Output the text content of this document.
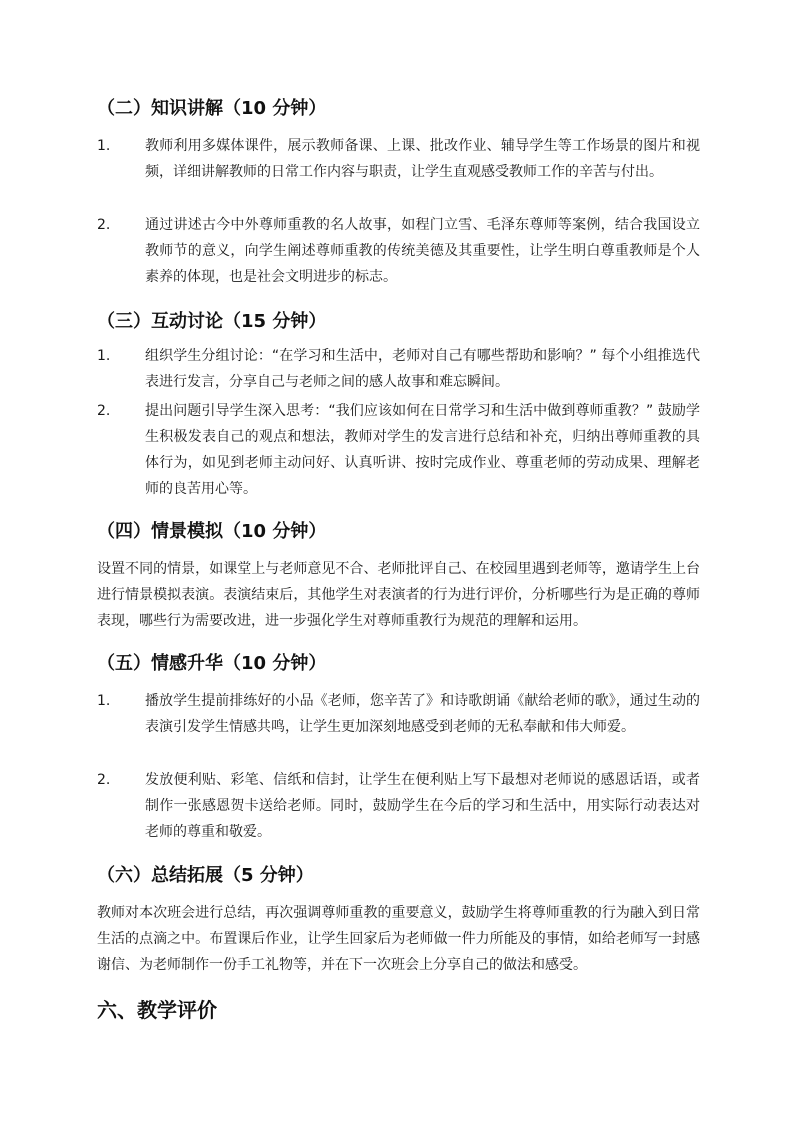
（二）知识讲解（10 分钟）
1.	教师利用多媒体课件，展示教师备课、上课、批改作业、辅导学生等工作场景的图片和视频，详细讲解教师的日常工作内容与职责，让学生直观感受教师工作的辛苦与付出。
2.	通过讲述古今中外尊师重教的名人故事，如程门立雪、毛泽东尊师等案例，结合我国设立教师节的意义，向学生阐述尊师重教的传统美德及其重要性，让学生明白尊重教师是个人素养的体现，也是社会文明进步的标志。
（三）互动讨论（15 分钟）
1.	组织学生分组讨论：“在学习和生活中，老师对自己有哪些帮助和影响？” 每个小组推选代表进行发言，分享自己与老师之间的感人故事和难忘瞬间。
2.	提出问题引导学生深入思考：“我们应该如何在日常学习和生活中做到尊师重教？” 鼓励学生积极发表自己的观点和想法，教师对学生的发言进行总结和补充，归纳出尊师重教的具体行为，如见到老师主动问好、认真听讲、按时完成作业、尊重老师的劳动成果、理解老师的良苦用心等。
（四）情景模拟（10 分钟）
设置不同的情景，如课堂上与老师意见不合、老师批评自己、在校园里遇到老师等，邀请学生上台进行情景模拟表演。表演结束后，其他学生对表演者的行为进行评价，分析哪些行为是正确的尊师表现，哪些行为需要改进，进一步强化学生对尊师重教行为规范的理解和运用。
（五）情感升华（10 分钟）
1.	播放学生提前排练好的小品《老师，您辛苦了》和诗歌朗诵《献给老师的歌》，通过生动的表演引发学生情感共鸣，让学生更加深刻地感受到老师的无私奉献和伟大师爱。
2.	发放便利贴、彩笔、信纸和信封，让学生在便利贴上写下最想对老师说的感恩话语，或者制作一张感恩贺卡送给老师。同时，鼓励学生在今后的学习和生活中，用实际行动表达对老师的尊重和敬爱。
（六）总结拓展（5 分钟）
教师对本次班会进行总结，再次强调尊师重教的重要意义，鼓励学生将尊师重教的行为融入到日常生活的点滴之中。布置课后作业，让学生回家后为老师做一件力所能及的事情，如给老师写一封感谢信、为老师制作一份手工礼物等，并在下一次班会上分享自己的做法和感受。
六、教学评价
